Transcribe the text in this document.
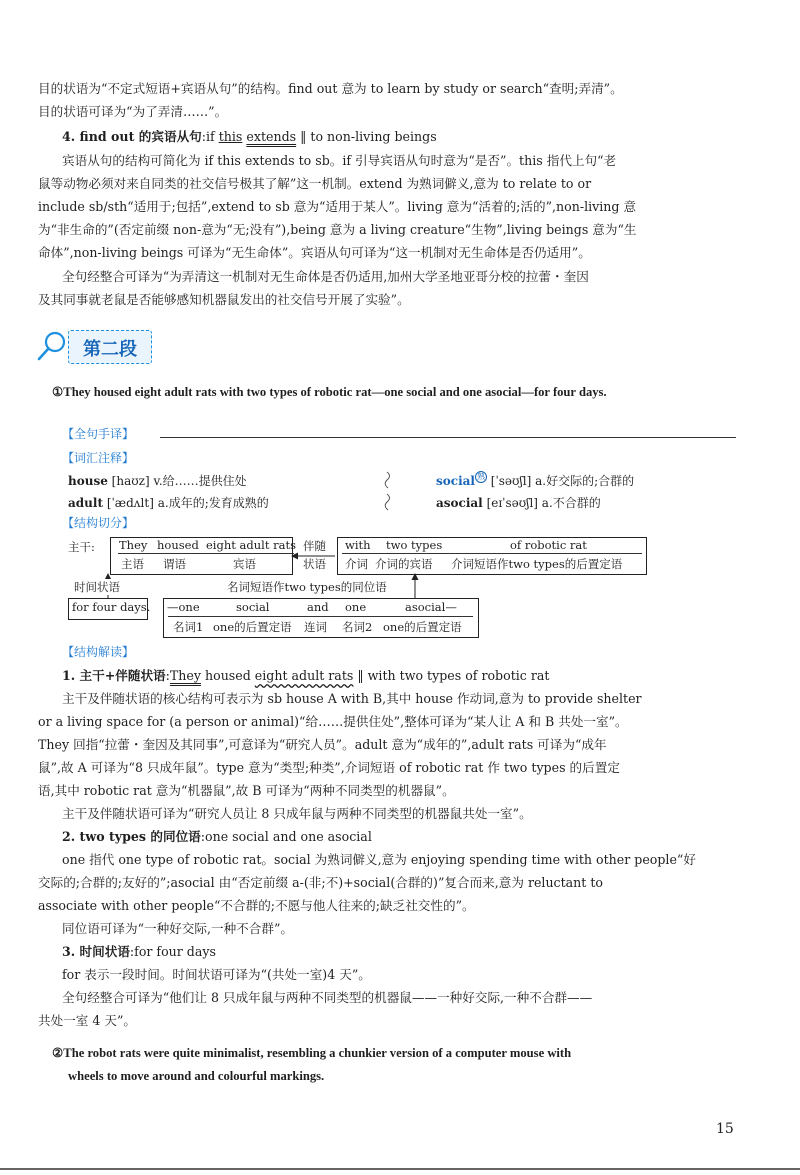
目的状语为“不定式短语+宾语从句”的结构。find out 意为 to learn by study or search“查明;弄清”。
目的状语可译为“为了弄清……”。
4. find out 的宾语从句:if this extends ‖ to non-living beings
宾语从句的结构可简化为 if this extends to sb。if 引导宾语从句时意为“是否”。this 指代上句“老
鼠等动物必须对来自同类的社交信号极其了解”这一机制。extend 为熟词僻义,意为 to relate to or
include sb/sth“适用于;包括”,extend to sb 意为“适用于某人”。living 意为“活着的;活的”,non-living 意
为“非生命的”(否定前缀 non-意为“无;没有”),being 意为 a living creature“生物”,living beings 意为“生
命体”,non-living beings 可译为“无生命体”。宾语从句可译为“这一机制对无生命体是否仍适用”。
全句经整合可译为“为弄清这一机制对无生命体是否仍适用,加州大学圣地亚哥分校的拉蕾・奎因
及其同事就老鼠是否能够感知机器鼠发出的社交信号开展了实验”。
第二段
①They housed eight adult rats with two types of robotic rat—one social and one asocial—for four days.
【全句手译】
【词汇注释】
house [haʊz] v.给……提供住处
adult [ˈædʌlt] a.成年的;发育成熟的
social 熟 [ˈsəʊʃl] a.好交际的;合群的
asocial [eɪˈsəʊʃl] a.不合群的
【结构切分】
主干: They housed eight adult rats
主语 谓语	宾语
伴随
状语
with two types	of robotic rat
介词 介词的宾语 介词短语作two types的后置定语
时间状语	名词短语作two types的同位语
for four days. —one	social	and one	asocial—
名词1 one的后置定语 连词 名词2 one的后置定语
【结构解读】
1. 主干+伴随状语:They housed eight adult rats ‖ with two types of robotic rat
主干及伴随状语的核心结构可表示为 sb house A with B,其中 house 作动词,意为 to provide shelter
or a living space for (a person or animal)“给……提供住处”,整体可译为“某人让 A 和 B 共处一室”。
They 回指“拉蕾・奎因及其同事”,可意译为“研究人员”。adult 意为“成年的”,adult rats 可译为“成年
鼠”,故 A 可译为“8 只成年鼠”。type 意为“类型;种类”,介词短语 of robotic rat 作 two types 的后置定
语,其中 robotic rat 意为“机器鼠”,故 B 可译为“两种不同类型的机器鼠”。
主干及伴随状语可译为“研究人员让 8 只成年鼠与两种不同类型的机器鼠共处一室”。
2. two types 的同位语:one social and one asocial
one 指代 one type of robotic rat。social 为熟词僻义,意为 enjoying spending time with other people“好
交际的;合群的;友好的”;asocial 由“否定前缀 a-(非;不)+social(合群的)”复合而来,意为 reluctant to
associate with other people“不合群的;不愿与他人往来的;缺乏社交性的”。
同位语可译为“一种好交际,一种不合群”。
3. 时间状语:for four days
for 表示一段时间。时间状语可译为“(共处一室)4 天”。
全句经整合可译为“他们让 8 只成年鼠与两种不同类型的机器鼠——一种好交际,一种不合群——
共处一室 4 天”。
②The robot rats were quite minimalist, resembling a chunkier version of a computer mouse with
wheels to move around and colourful markings.
15
